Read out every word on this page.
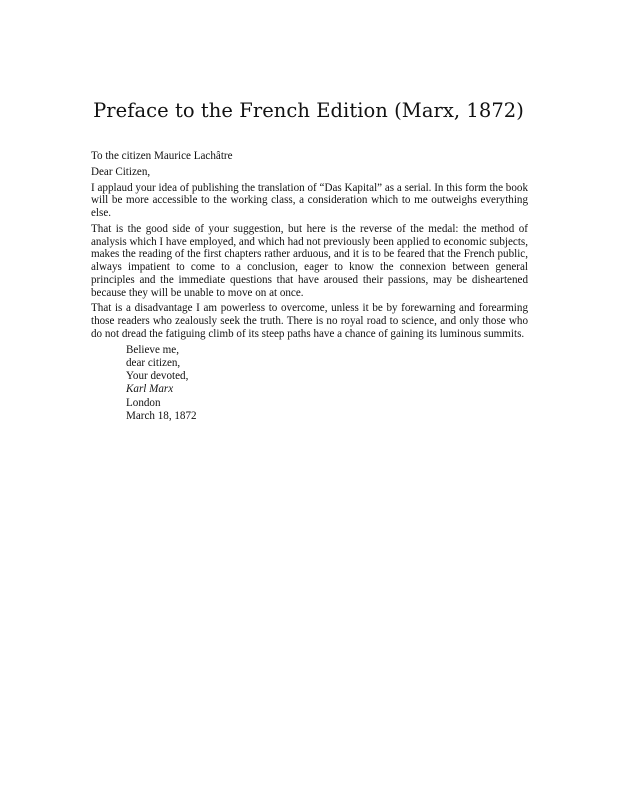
Preface to the French Edition (Marx, 1872)

To the citizen Maurice Lachâtre

Dear Citizen,

I applaud your idea of publishing the translation of “Das Kapital” as a serial. In this form the book will be more accessible to the working class, a consideration which to me outweighs everything else.

That is the good side of your suggestion, but here is the reverse of the medal: the method of analysis which I have employed, and which had not previously been applied to economic subjects, makes the reading of the first chapters rather arduous, and it is to be feared that the French public, always impatient to come to a conclusion, eager to know the connexion between general principles and the immediate questions that have aroused their passions, may be disheartened because they will be unable to move on at once.

That is a disadvantage I am powerless to overcome, unless it be by forewarning and forearming those readers who zealously seek the truth. There is no royal road to science, and only those who do not dread the fatiguing climb of its steep paths have a chance of gaining its luminous summits.

Believe me,
dear citizen,
Your devoted,
Karl Marx
London
March 18, 1872
